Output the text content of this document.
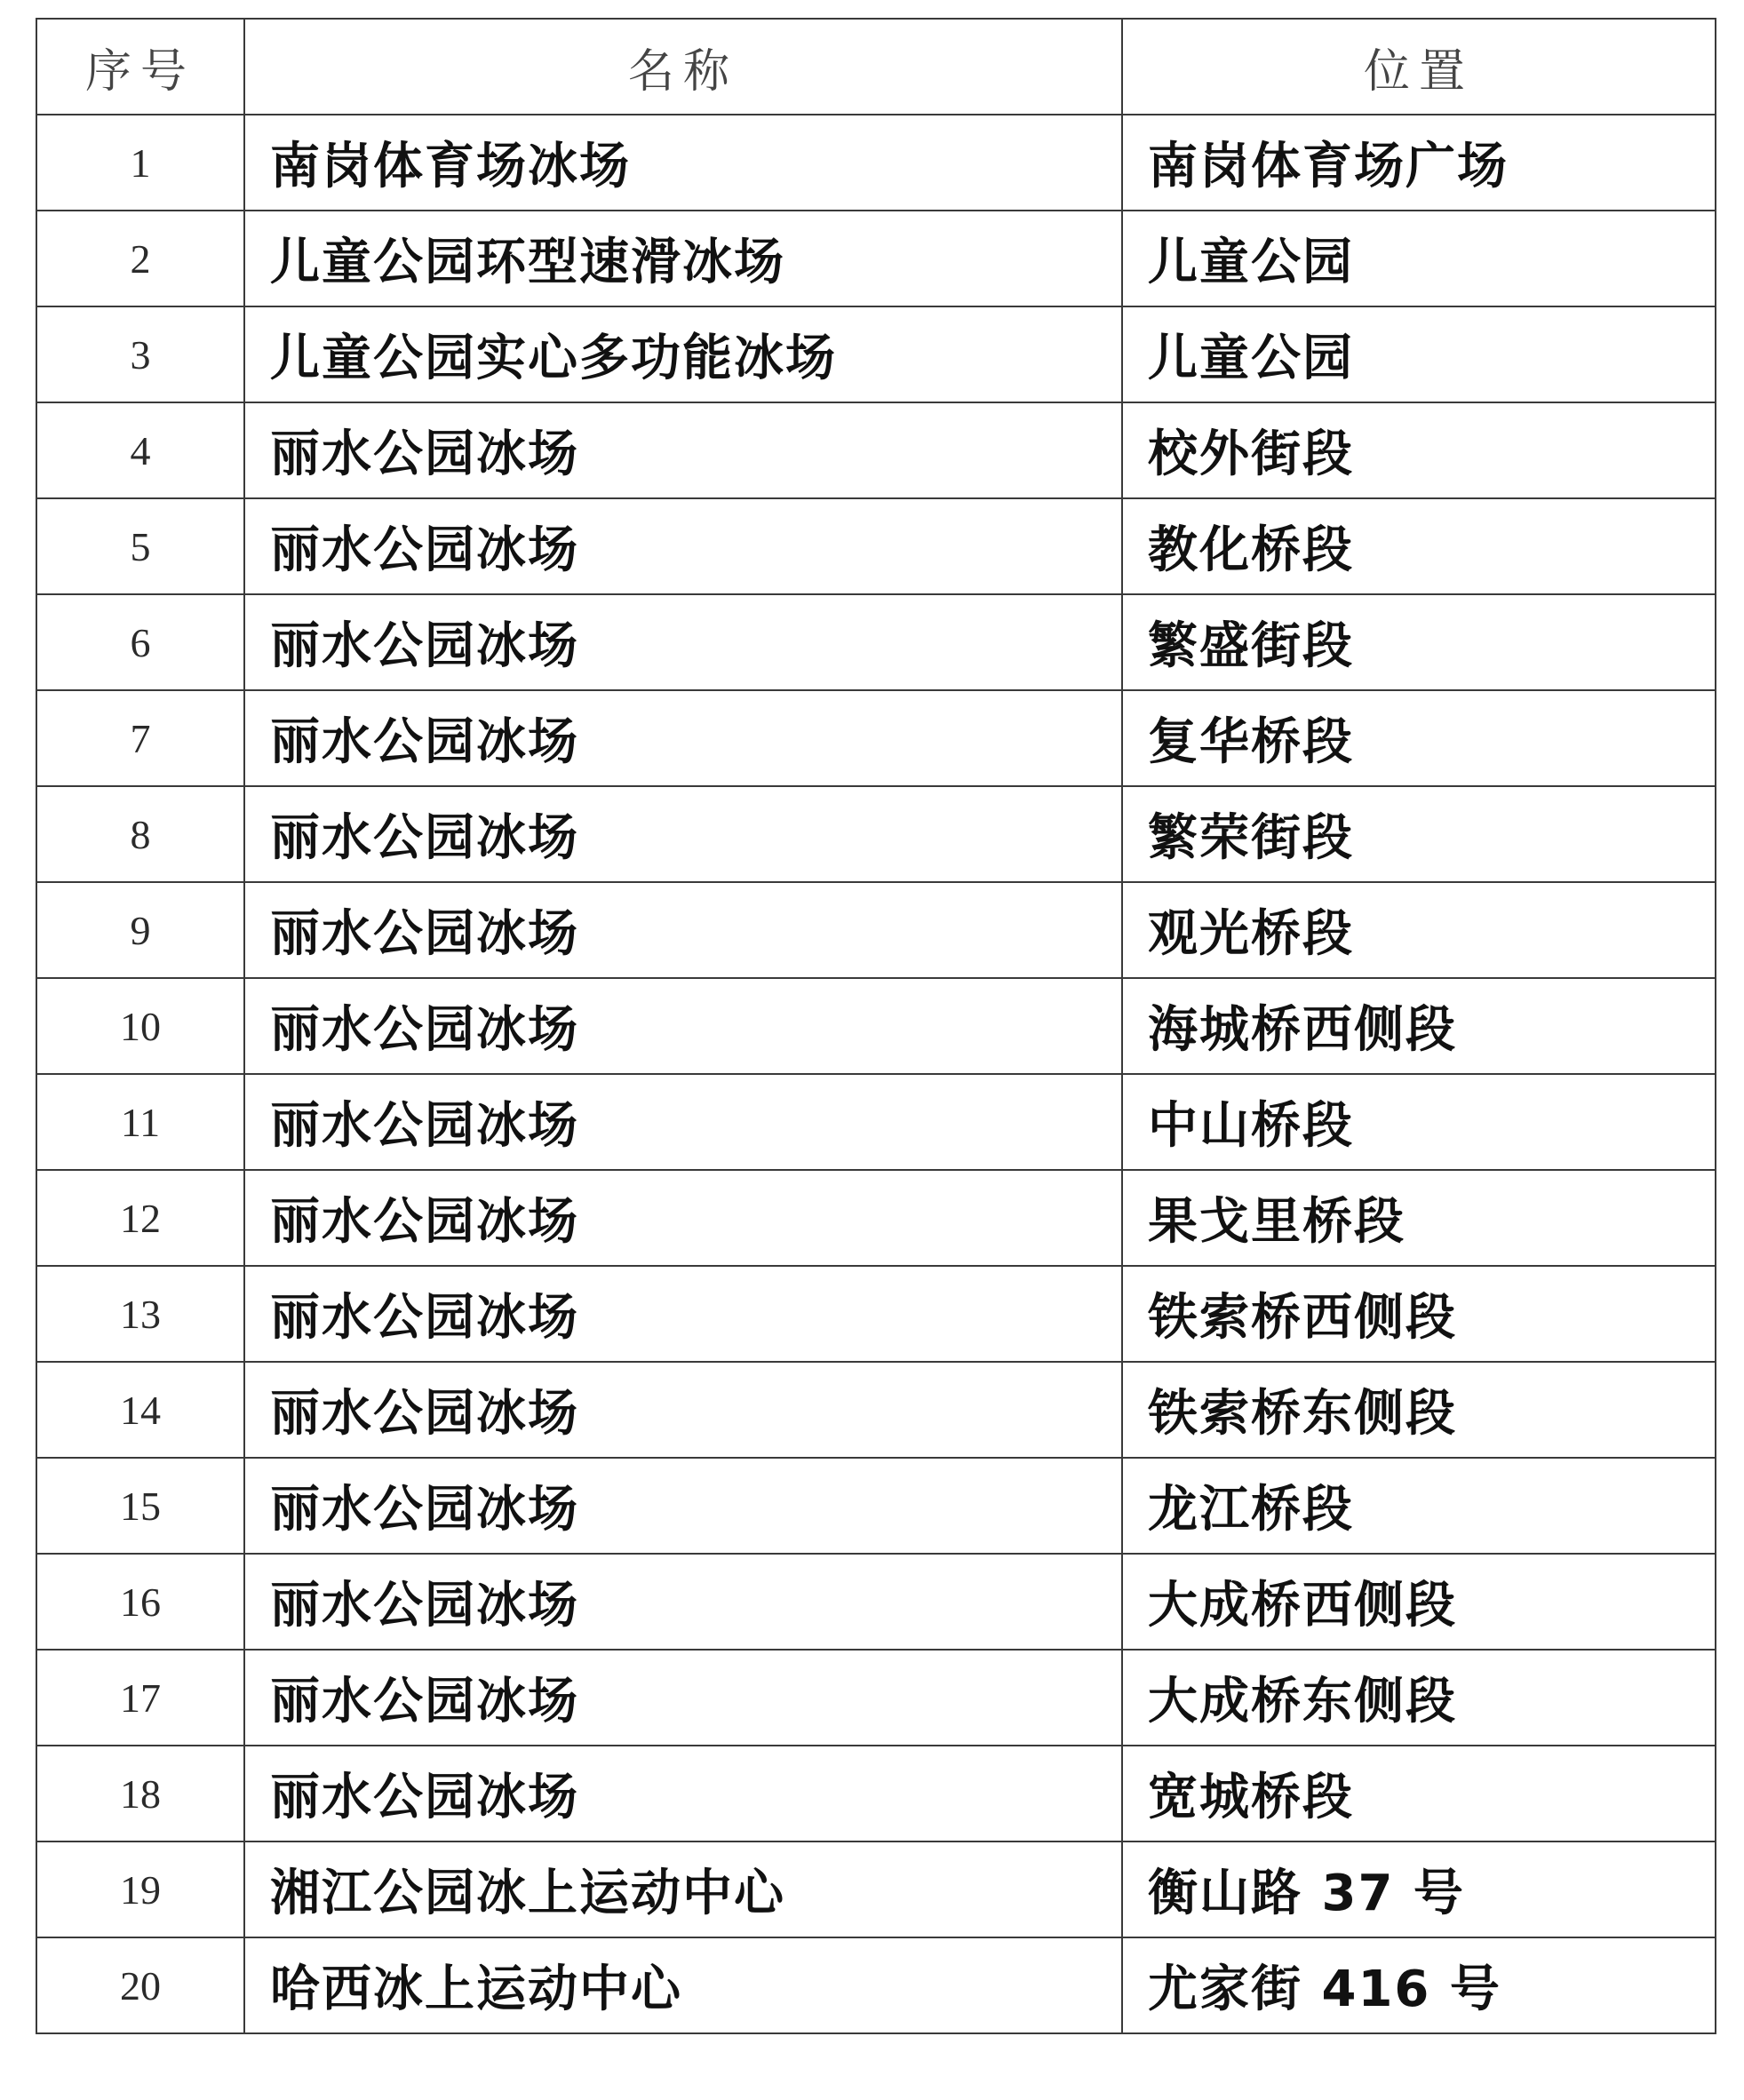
序号	名称	位置
1	南岗体育场冰场	南岗体育场广场
2	儿童公园环型速滑冰场	儿童公园
3	儿童公园实心多功能冰场	儿童公园
4	丽水公园冰场	校外街段
5	丽水公园冰场	教化桥段
6	丽水公园冰场	繁盛街段
7	丽水公园冰场	复华桥段
8	丽水公园冰场	繁荣街段
9	丽水公园冰场	观光桥段
10	丽水公园冰场	海城桥西侧段
11	丽水公园冰场	中山桥段
12	丽水公园冰场	果戈里桥段
13	丽水公园冰场	铁索桥西侧段
14	丽水公园冰场	铁索桥东侧段
15	丽水公园冰场	龙江桥段
16	丽水公园冰场	大成桥西侧段
17	丽水公园冰场	大成桥东侧段
18	丽水公园冰场	宽城桥段
19	湘江公园冰上运动中心	衡山路 37 号
20	哈西冰上运动中心	尤家街 416 号
